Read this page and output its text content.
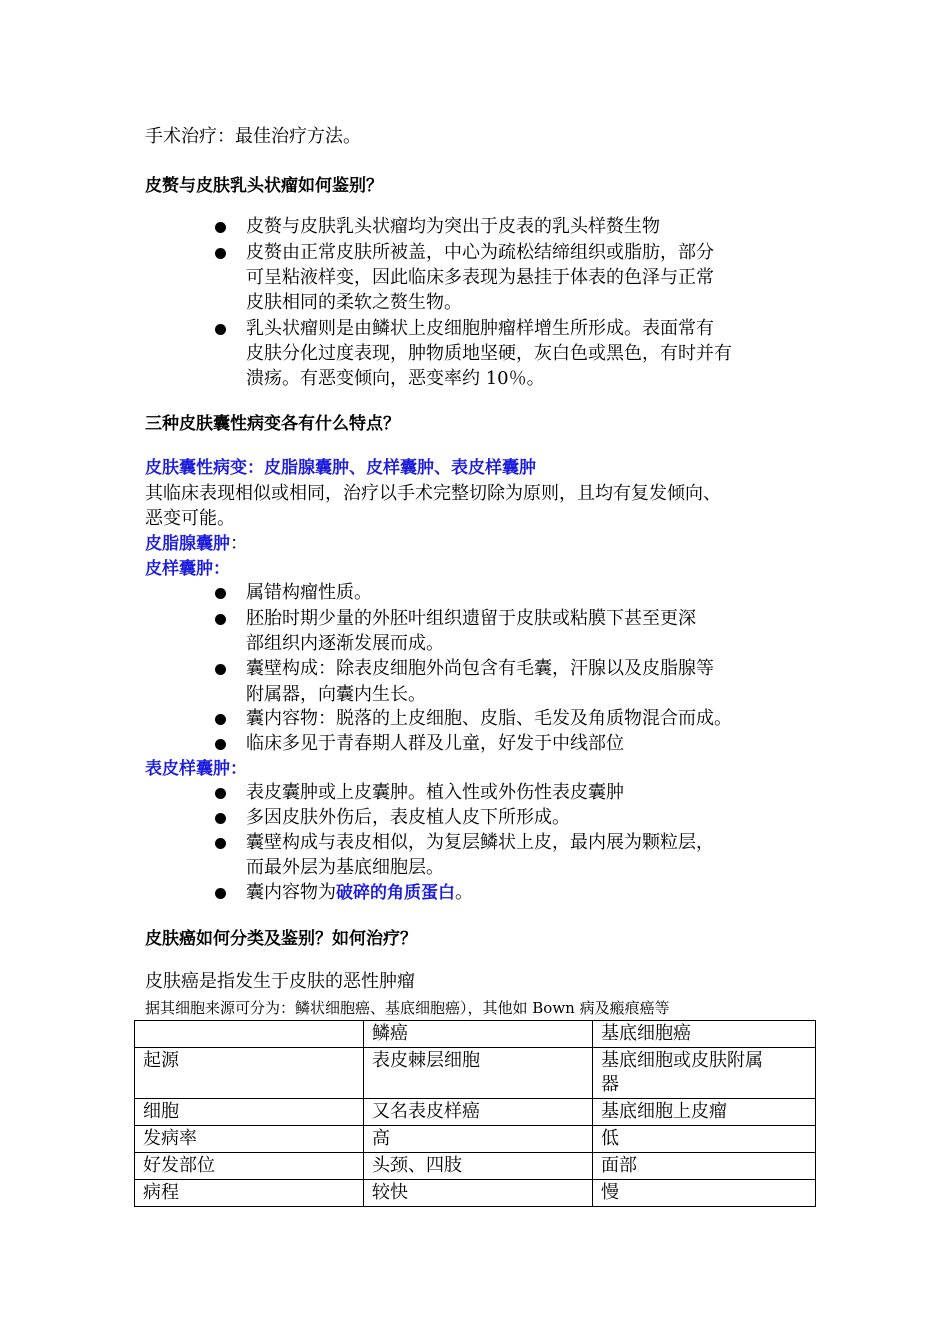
手术治疗：最佳治疗方法。
皮赘与皮肤乳头状瘤如何鉴别？
皮赘与皮肤乳头状瘤均为突出于皮表的乳头样赘生物
皮赘由正常皮肤所被盖，中心为疏松结缔组织或脂肪，部分
可呈粘液样变，因此临床多表现为悬挂于体表的色泽与正常
皮肤相同的柔软之赘生物。
乳头状瘤则是由鳞状上皮细胞肿瘤样增生所形成。表面常有
皮肤分化过度表现，肿物质地坚硬，灰白色或黑色，有时并有
溃疡。有恶变倾向，恶变率约 10％。
三种皮肤囊性病变各有什么特点？
皮肤囊性病变：皮脂腺囊肿、皮样囊肿、表皮样囊肿
其临床表现相似或相同，治疗以手术完整切除为原则，且均有复发倾向、
恶变可能。
皮脂腺囊肿：
皮样囊肿：
属错构瘤性质。
胚胎时期少量的外胚叶组织遗留于皮肤或粘膜下甚至更深
部组织内逐渐发展而成。
囊壁构成：除表皮细胞外尚包含有毛囊，汗腺以及皮脂腺等
附属器，向囊内生长。
囊内容物：脱落的上皮细胞、皮脂、毛发及角质物混合而成。
临床多见于青春期人群及儿童，好发于中线部位
表皮样囊肿：
表皮囊肿或上皮囊肿。植入性或外伤性表皮囊肿
多因皮肤外伤后，表皮植人皮下所形成。
囊壁构成与表皮相似，为复层鳞状上皮，最内展为颗粒层，
而最外层为基底细胞层。
囊内容物为破碎的角质蛋白。
皮肤癌如何分类及鉴别？如何治疗？
皮肤癌是指发生于皮肤的恶性肿瘤
据其细胞来源可分为：鳞状细胞癌、基底细胞癌），其他如 Bown 病及瘢痕癌等
	鳞癌	基底细胞癌
起源	表皮棘层细胞	基底细胞或皮肤附属
器
细胞	又名表皮样癌	基底细胞上皮瘤
发病率	高	低
好发部位	头颈、四肢	面部
病程	较快	慢
